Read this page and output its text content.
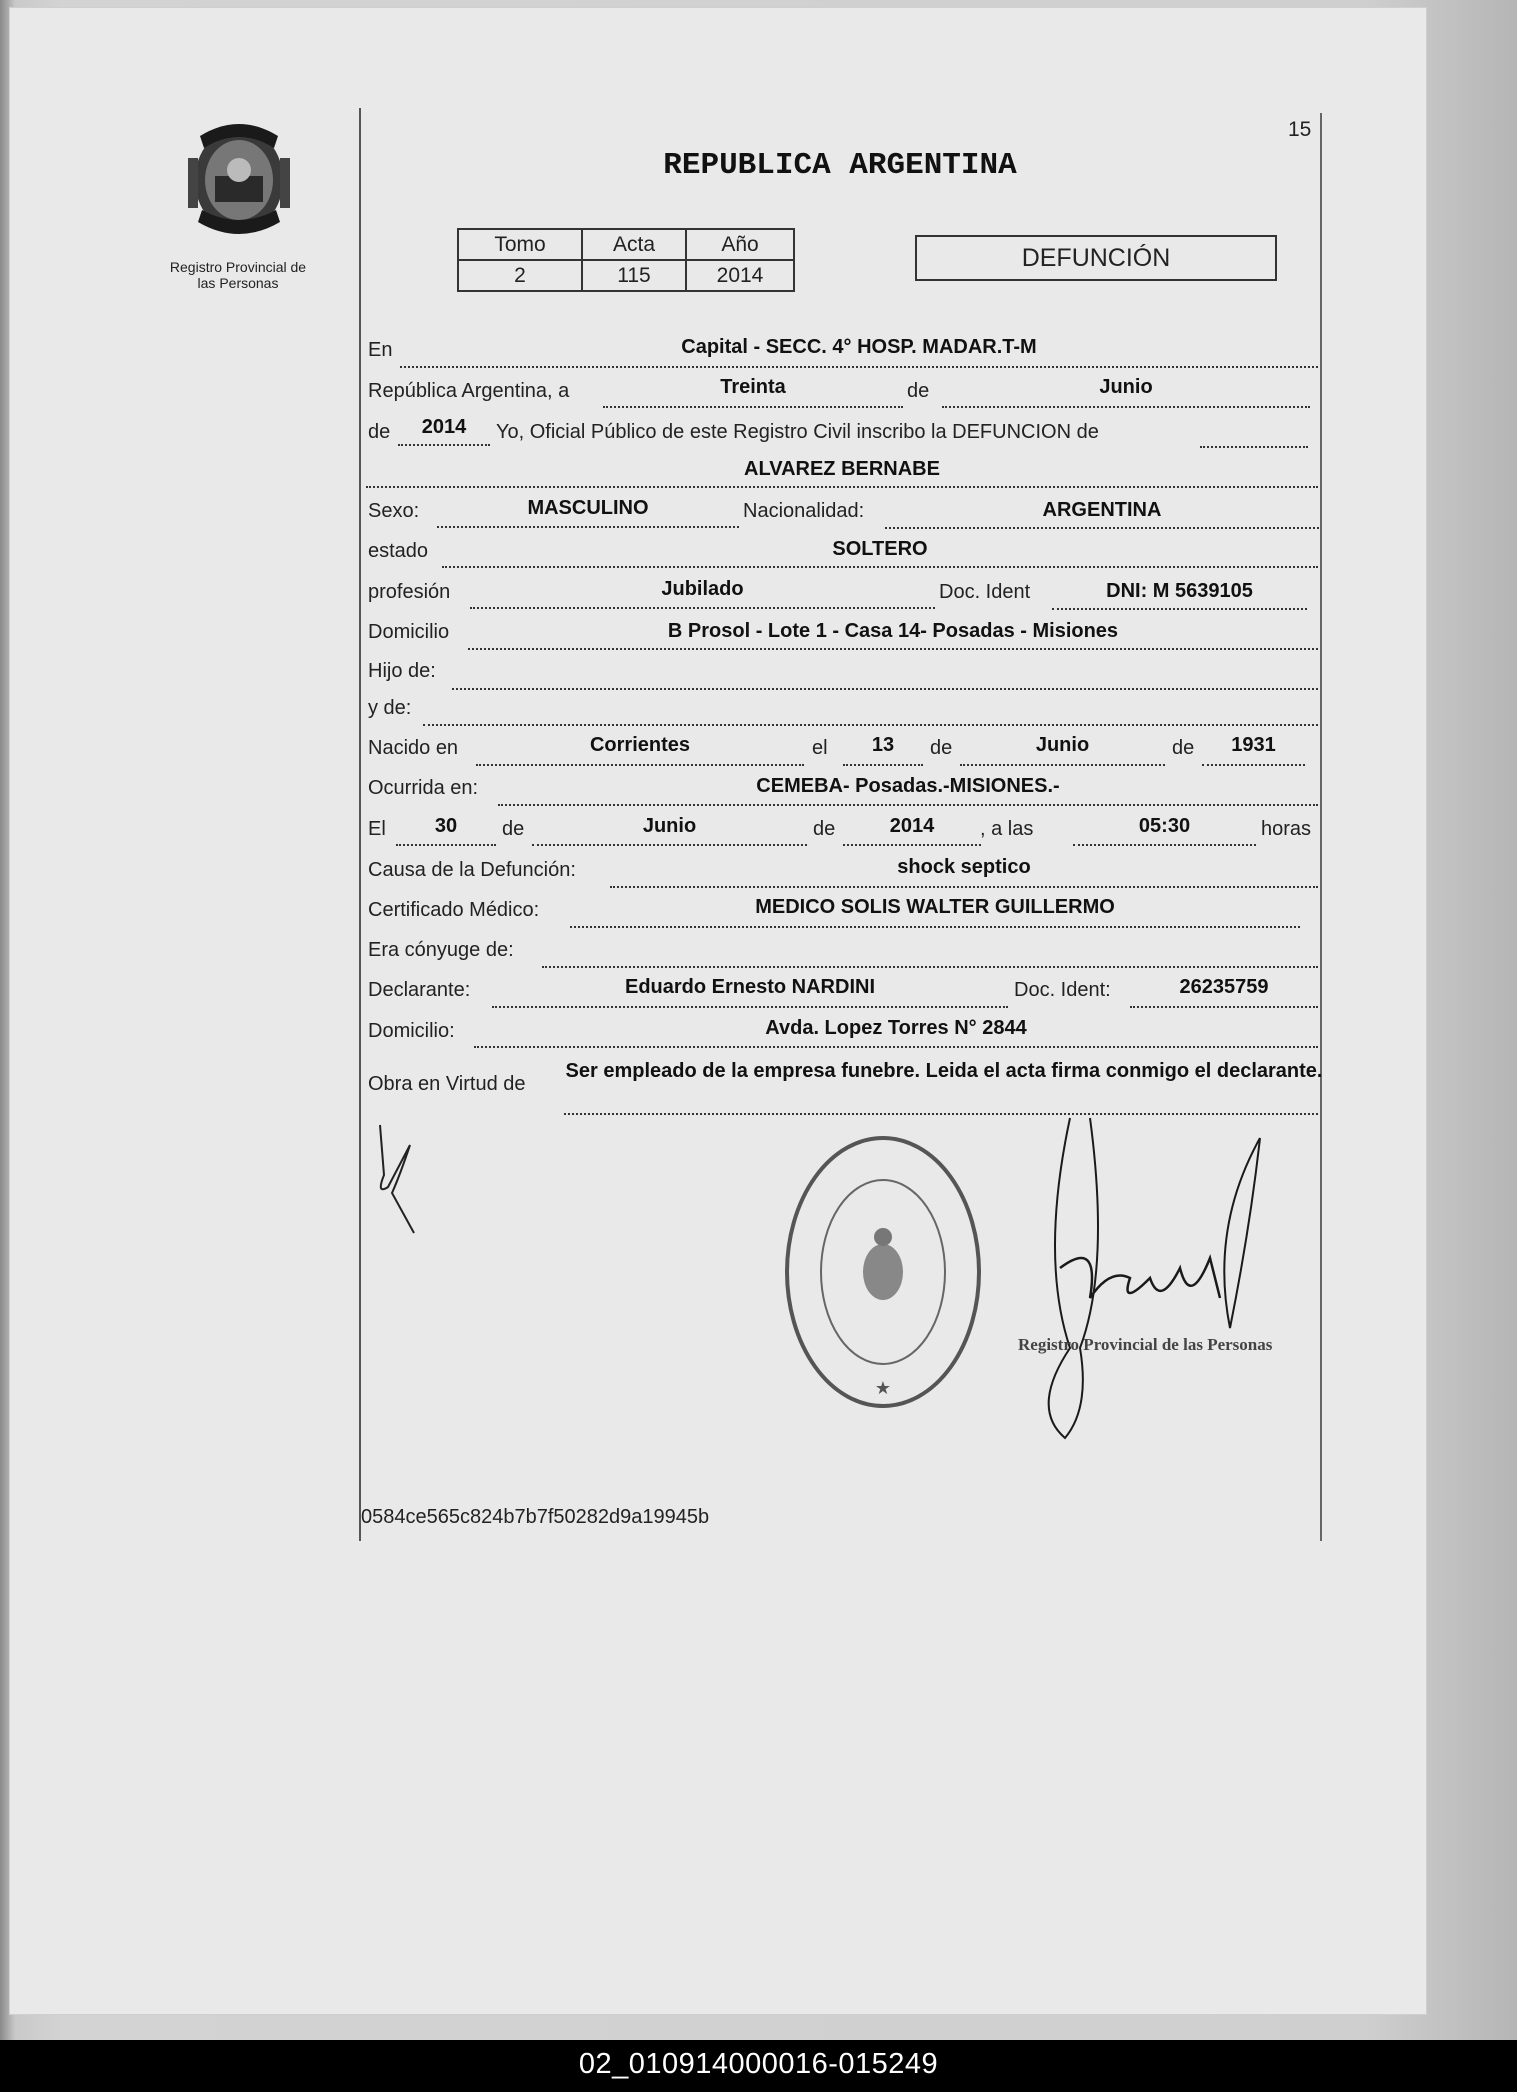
15
Registro Provincial de
las Personas
REPUBLICA ARGENTINA
Tomo	Acta	Año
2	115	2014
DEFUNCIÓN
En	Capital - SECC. 4° HOSP. MADAR.T-M
República Argentina, a	Treinta	de	Junio
de	2014	Yo, Oficial Público de este Registro Civil inscribo la DEFUNCION de
ALVAREZ BERNABE
Sexo:	MASCULINO	Nacionalidad:	ARGENTINA
estado	SOLTERO
profesión	Jubilado	Doc. Ident	DNI: M 5639105
Domicilio	B Prosol - Lote 1 - Casa 14- Posadas - Misiones
Hijo de:
y de:
Nacido en	Corrientes	el	13	de	Junio	de	1931
Ocurrida en:	CEMEBA- Posadas.-MISIONES.-
El	30	de	Junio	de	2014	, a las	05:30	horas
Causa de la Defunción:	shock septico
Certificado Médico:	MEDICO SOLIS WALTER GUILLERMO
Era cónyuge de:
Declarante:	Eduardo Ernesto NARDINI	Doc. Ident:	26235759
Domicilio:	Avda. Lopez Torres N° 2844
Obra en Virtud de
Ser empleado de la empresa funebre. Leida el acta firma conmigo el declarante.
★

Registro Provincial de las Personas
0584ce565c824b7b7f50282d9a19945b
02_010914000016-015249
